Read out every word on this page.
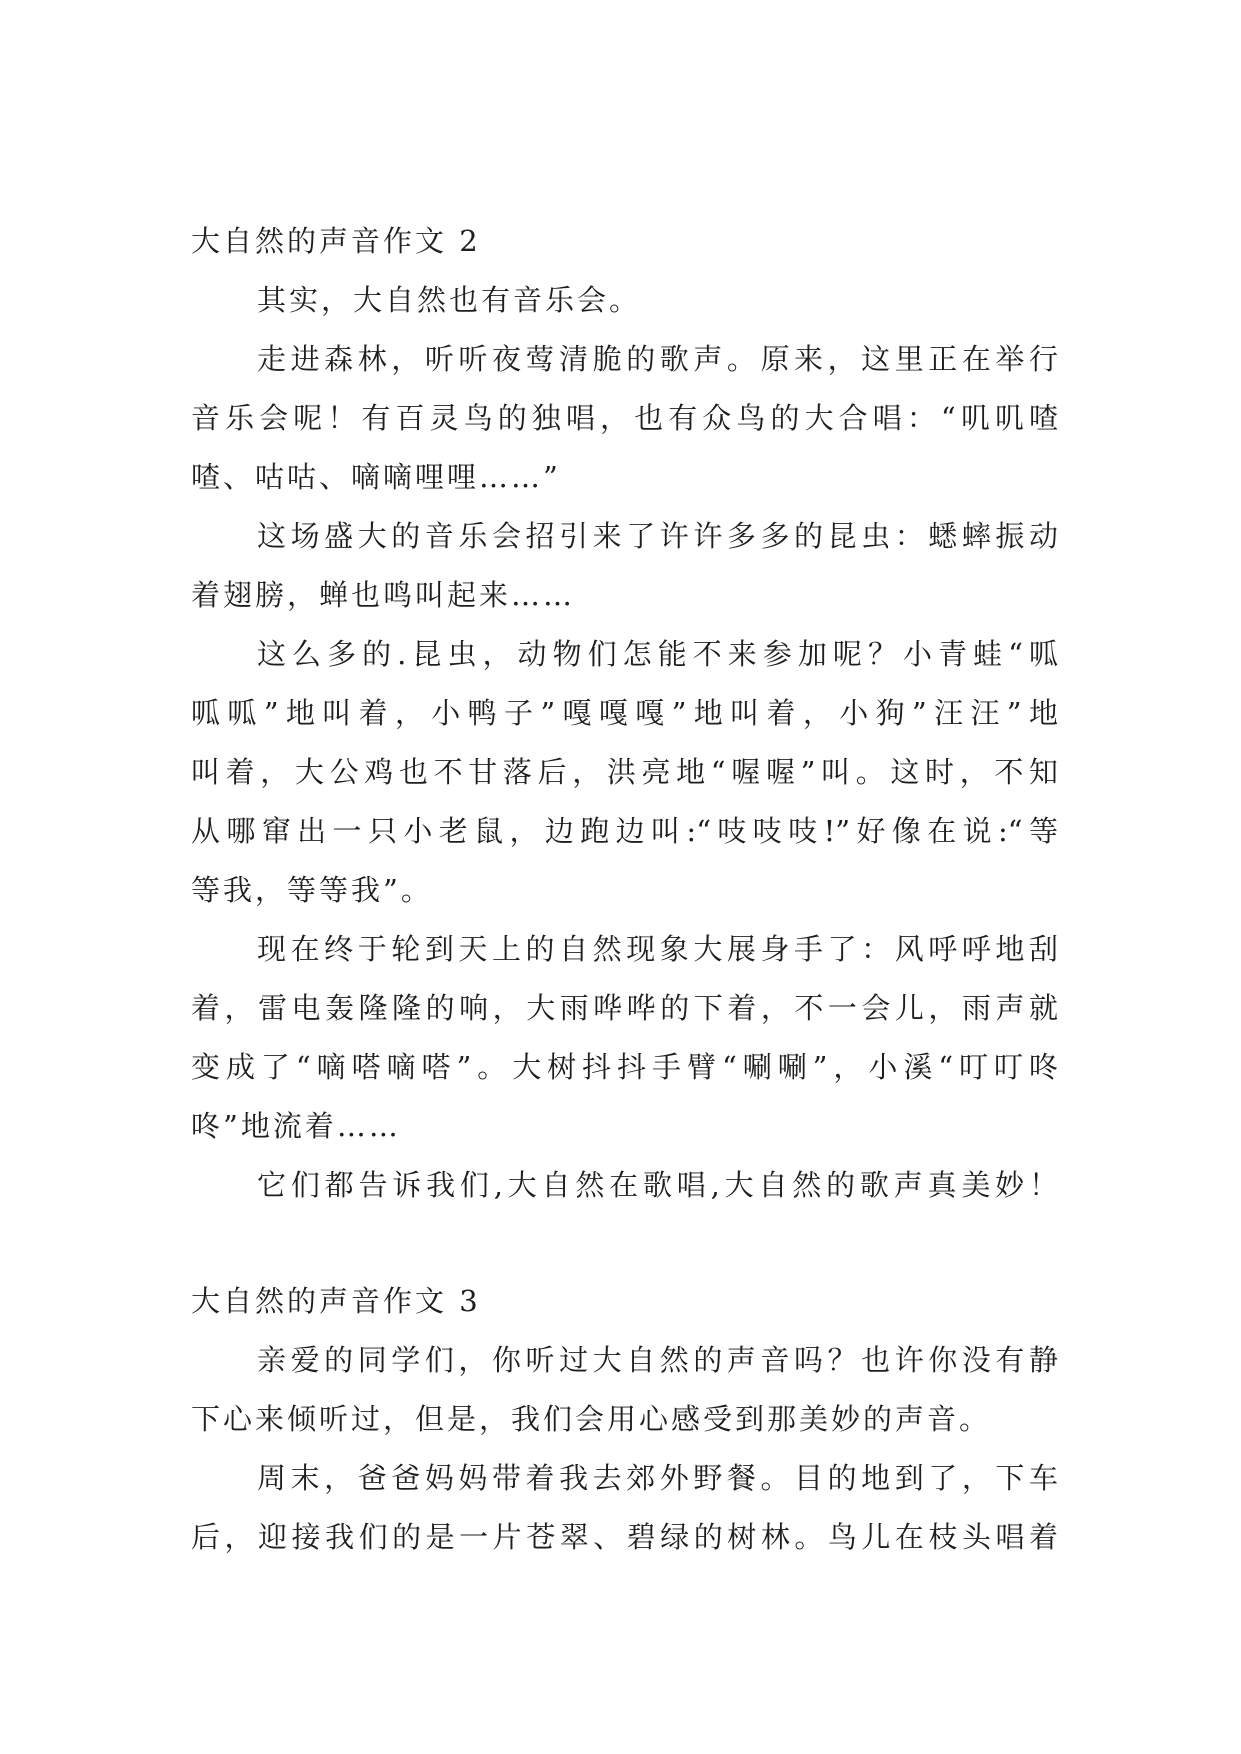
大自然的声音作文 2
其实，大自然也有音乐会。
走进森林，听听夜莺清脆的歌声。原来，这里正在举行
音乐会呢！有百灵鸟的独唱，也有众鸟的大合唱：“叽叽喳
喳、咕咕、嘀嘀哩哩……”
这场盛大的音乐会招引来了许许多多的昆虫：蟋蟀振动
着翅膀，蝉也鸣叫起来……
这么多的.昆虫，动物们怎能不来参加呢？小青蛙“呱
呱呱”地叫着，小鸭子”嘎嘎嘎”地叫着，小狗”汪汪”地
叫着，大公鸡也不甘落后，洪亮地“喔喔”叫。这时，不知
从哪窜出一只小老鼠，边跑边叫:“吱吱吱!”好像在说:“等
等我，等等我”。
现在终于轮到天上的自然现象大展身手了：风呼呼地刮
着，雷电轰隆隆的响，大雨哗哗的下着，不一会儿，雨声就
变成了“嘀嗒嘀嗒”。大树抖抖手臂“唰唰”，小溪“叮叮咚
咚”地流着……
它们都告诉我们,大自然在歌唱,大自然的歌声真美妙！
大自然的声音作文 3
亲爱的同学们，你听过大自然的声音吗？也许你没有静
下心来倾听过，但是，我们会用心感受到那美妙的声音。
周末，爸爸妈妈带着我去郊外野餐。目的地到了，下车
后，迎接我们的是一片苍翠、碧绿的树林。鸟儿在枝头唱着
